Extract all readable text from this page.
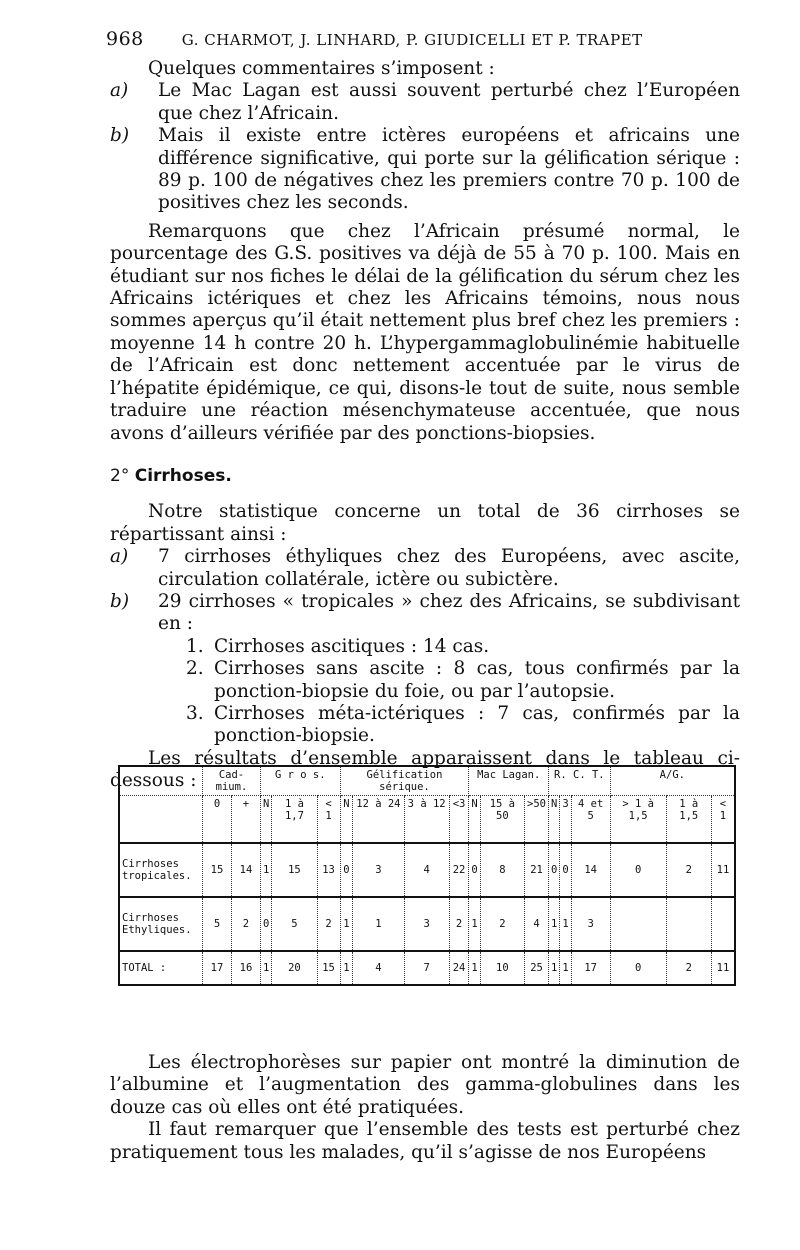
968	G. CHARMOT, J. LINHARD, P. GIUDICELLI ET P. TRAPET

Quelques commentaires s’imposent :

a)	Le Mac Lagan est aussi souvent perturbé chez l’Européen que chez l’Africain.
b)	Mais il existe entre ictères européens et africains une différence significative, qui porte sur la gélification sérique : 89 p. 100 de négatives chez les premiers contre 70 p. 100 de positives chez les seconds.

Remarquons que chez l’Africain présumé normal, le pourcentage des G.S. positives va déjà de 55 à 70 p. 100. Mais en étudiant sur nos fiches le délai de la gélification du sérum chez les Africains ictériques et chez les Africains témoins, nous nous sommes aperçus qu’il était nettement plus bref chez les premiers : moyenne 14 h contre 20 h. L’hypergammaglobulinémie habituelle de l’Africain est donc nettement accentuée par le virus de l’hépatite épidémique, ce qui, disons-le tout de suite, nous semble traduire une réaction mésenchymateuse accentuée, que nous avons d’ailleurs vérifiée par des ponctions-biopsies.

2° Cirrhoses.

Notre statistique concerne un total de 36 cirrhoses se répartissant ainsi :

a)	7 cirrhoses éthyliques chez des Européens, avec ascite, circulation collatérale, ictère ou subictère.
b)	29 cirrhoses « tropicales » chez des Africains, se subdivisant en :
1. Cirrhoses ascitiques : 14 cas.
2. Cirrhoses sans ascite : 8 cas, tous confirmés par la ponction-biopsie du foie, ou par l’autopsie.
3. Cirrhoses méta-ictériques : 7 cas, confirmés par la ponction-biopsie.

Les résultats d’ensemble apparaissent dans le tableau ci-dessous :

		Cad-mium.		G r o s.			Gélification sérique.				Mac Lagan.			R. C. T.			A/G.		
	0	+	N	1 à 1,7	< 1	N	12 à 24	3 à 12	<3	N	15 à 50	>50	N	3	4 et 5	> 1 à 1,5	1 à 1,5	< 1
Cirrhoses tropicales.	15	14	1	15	13	0	3	4	22	0	8	21	0	0	14	0	2	11
Cirrhoses Ethyliques.	5	2	0	5	2	1	1	3	2	1	2	4	1	1	3			
TOTAL :	17	16	1	20	15	1	4	7	24	1	10	25	1	1	17	0	2	11

Les électrophorèses sur papier ont montré la diminution de l’albumine et l’augmentation des gamma-globulines dans les douze cas où elles ont été pratiquées.

Il faut remarquer que l’ensemble des tests est perturbé chez pratiquement tous les malades, qu’il s’agisse de nos Européens
